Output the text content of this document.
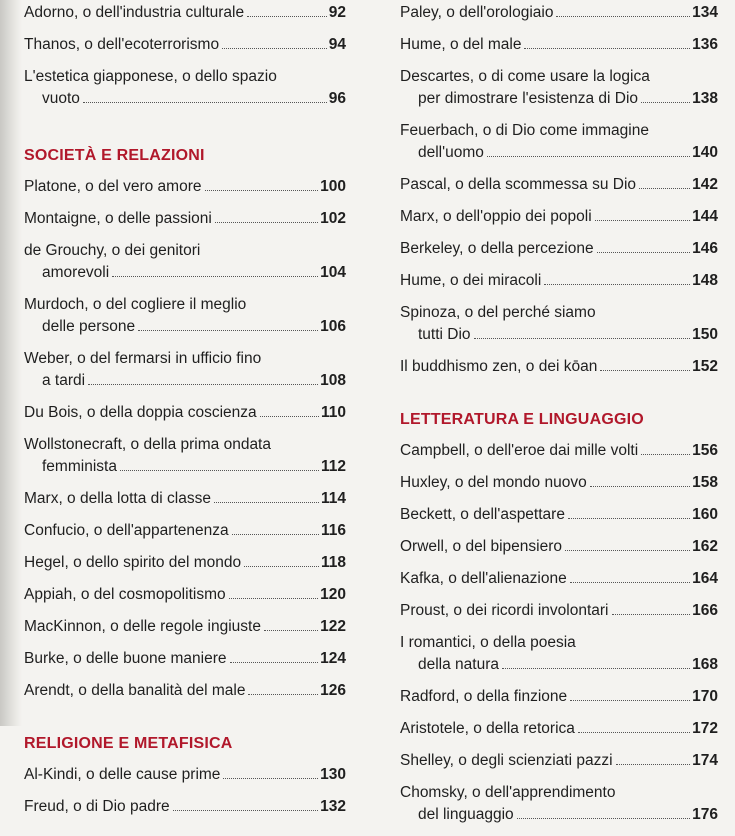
Adorno, o dell'industria culturale	92
Thanos, o dell'ecoterrorismo	94
L'estetica giapponese, o dello spazio
vuoto	96
SOCIETÀ E RELAZIONI
Platone, o del vero amore	100
Montaigne, o delle passioni	102
de Grouchy, o dei genitori
amorevoli	104
Murdoch, o del cogliere il meglio
delle persone	106
Weber, o del fermarsi in ufficio fino
a tardi	108
Du Bois, o della doppia coscienza	110
Wollstonecraft, o della prima ondata
femminista	112
Marx, o della lotta di classe	114
Confucio, o dell'appartenenza	116
Hegel, o dello spirito del mondo	118
Appiah, o del cosmopolitismo	120
MacKinnon, o delle regole ingiuste	122
Burke, o delle buone maniere	124
Arendt, o della banalità del male	126
RELIGIONE E METAFISICA
Al-Kindi, o delle cause prime	130
Freud, o di Dio padre	132
Paley, o dell'orologiaio	134
Hume, o del male	136
Descartes, o di come usare la logica
per dimostrare l'esistenza di Dio	138
Feuerbach, o di Dio come immagine
dell'uomo	140
Pascal, o della scommessa su Dio	142
Marx, o dell'oppio dei popoli	144
Berkeley, o della percezione	146
Hume, o dei miracoli	148
Spinoza, o del perché siamo
tutti Dio	150
Il buddhismo zen, o dei kōan	152
LETTERATURA E LINGUAGGIO
Campbell, o dell'eroe dai mille volti	156
Huxley, o del mondo nuovo	158
Beckett, o dell'aspettare	160
Orwell, o del bipensiero	162
Kafka, o dell'alienazione	164
Proust, o dei ricordi involontari	166
I romantici, o della poesia
della natura	168
Radford, o della finzione	170
Aristotele, o della retorica	172
Shelley, o degli scienziati pazzi	174
Chomsky, o dell'apprendimento
del linguaggio	176
